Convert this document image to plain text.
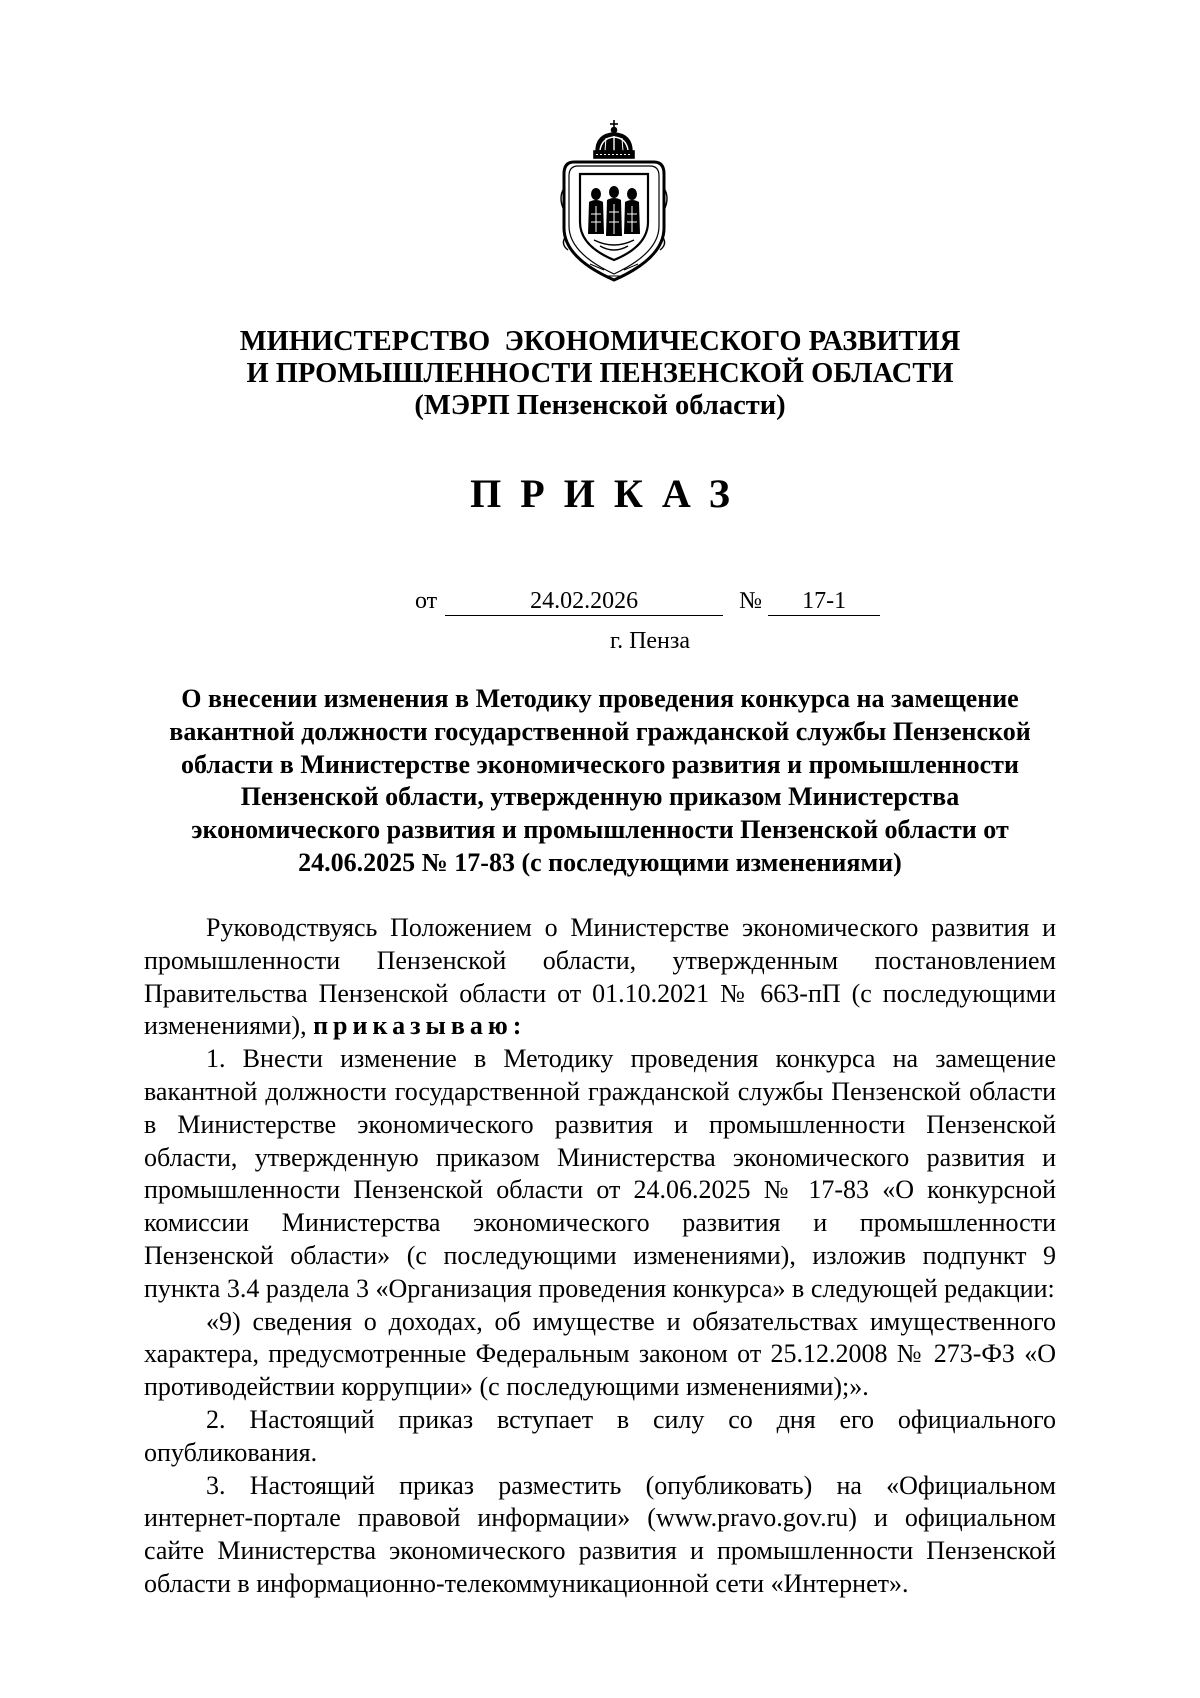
МИНИСТЕРСТВО  ЭКОНОМИЧЕСКОГО РАЗВИТИЯ
И ПРОМЫШЛЕННОСТИ ПЕНЗЕНСКОЙ ОБЛАСТИ
(МЭРП Пензенской области)
ПРИКАЗ
от	24.02.2026	№ 17-1
г. Пенза
О внесении изменения в Методику проведения конкурса на замещение
вакантной должности государственной гражданской службы Пензенской
области в Министерстве экономического развития и промышленности
Пензенской области, утвержденную приказом Министерства
экономического развития и промышленности Пензенской области от
24.06.2025 № 17-83 (с последующими изменениями)

Руководствуясь Положением о Министерстве экономического развития и промышленности Пензенской области, утвержденным постановлением Правительства Пензенской области от 01.10.2021 № 663-пП (с последующими изменениями), приказываю:

1. Внести изменение в Методику проведения конкурса на замещение вакантной должности государственной гражданской службы Пензенской области в Министерстве экономического развития и промышленности Пензенской области, утвержденную приказом Министерства экономического развития и промышленности Пензенской области от 24.06.2025 № 17-83 «О конкурсной комиссии Министерства экономического развития и промышленности Пензенской области» (с последующими изменениями), изложив подпункт 9 пункта 3.4 раздела 3 «Организация проведения конкурса» в следующей редакции:

«9) сведения о доходах, об имуществе и обязательствах имущественного характера, предусмотренные Федеральным законом от 25.12.2008 № 273-ФЗ «О противодействии коррупции» (с последующими изменениями);».

2. Настоящий приказ вступает в силу со дня его официального опубликования.

3. Настоящий приказ разместить (опубликовать) на «Официальном интернет-портале правовой информации» (www.pravo.gov.ru) и официальном сайте Министерства экономического развития и промышленности Пензенской области в информационно-телекоммуникационной сети «Интернет».
